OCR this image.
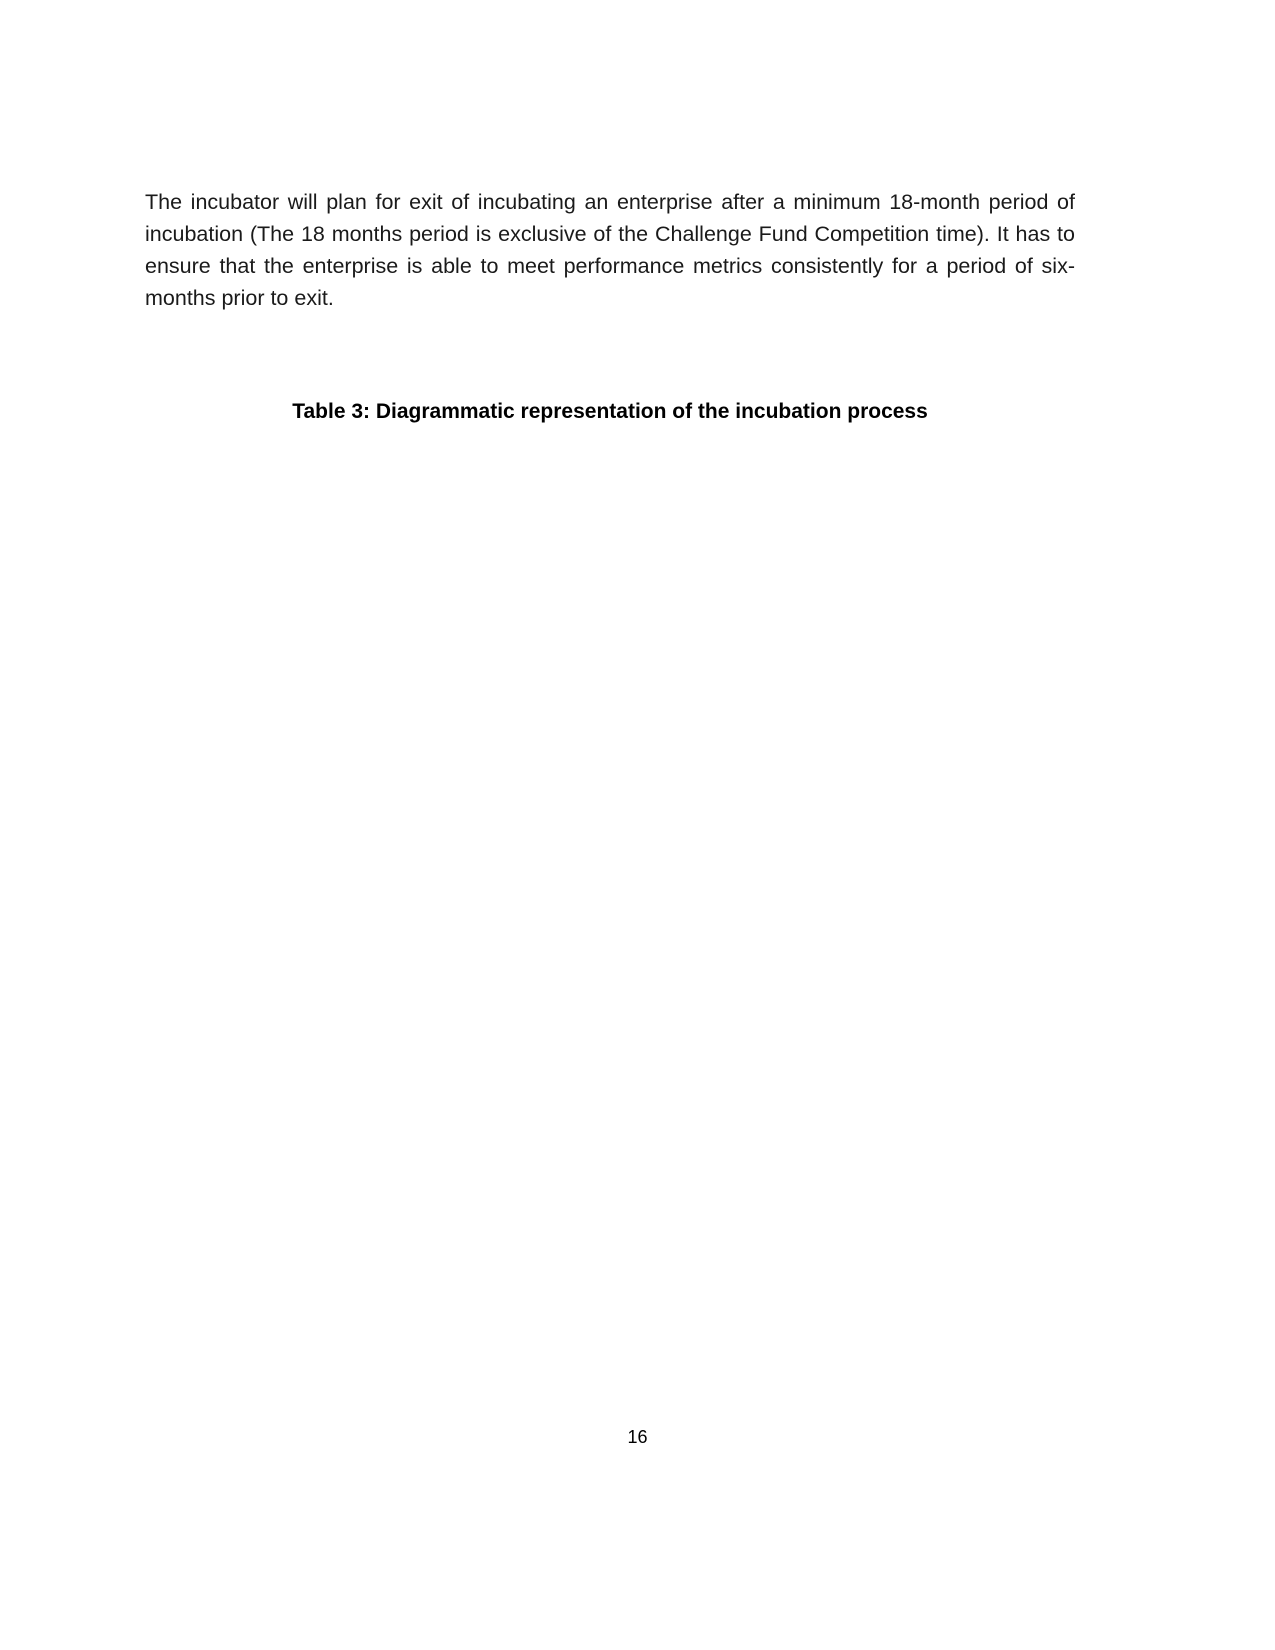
The incubator will plan for exit of incubating an enterprise after a minimum 18-month period of incubation (The 18 months period is exclusive of the Challenge Fund Competition time). It has to ensure that the enterprise is able to meet performance metrics consistently for a period of six-months prior to exit.

Table 3: Diagrammatic representation of the incubation process
16
